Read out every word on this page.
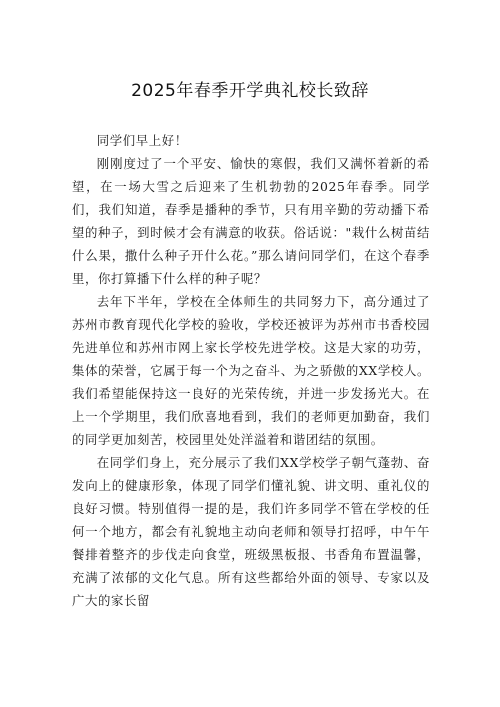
2025年春季开学典礼校长致辞

同学们早上好！

刚刚度过了一个平安、愉快的寒假，我们又满怀着新的希望，在一场大雪之后迎来了生机勃勃的2025年春季。同学们，我们知道，春季是播种的季节，只有用辛勤的劳动播下希望的种子，到时候才会有满意的收获。俗话说："栽什么树苗结什么果，撒什么种子开什么花。”那么请问同学们，在这个春季里，你打算播下什么样的种子呢？

去年下半年，学校在全体师生的共同努力下，高分通过了苏州市教育现代化学校的验收，学校还被评为苏州市书香校园先进单位和苏州市网上家长学校先进学校。这是大家的功劳，集体的荣誉，它属于每一个为之奋斗、为之骄傲的XX学校人。我们希望能保持这一良好的光荣传统，并进一步发扬光大。在上一个学期里，我们欣喜地看到，我们的老师更加勤奋，我们的同学更加刻苦，校园里处处洋溢着和谐团结的氛围。

在同学们身上，充分展示了我们XX学校学子朝气蓬勃、奋发向上的健康形象，体现了同学们懂礼貌、讲文明、重礼仪的良好习惯。特别值得一提的是，我们许多同学不管在学校的任何一个地方，都会有礼貌地主动向老师和领导打招呼，中午午餐排着整齐的步伐走向食堂，班级黑板报、书香角布置温馨，充满了浓郁的文化气息。所有这些都给外面的领导、专家以及广大的家长留
